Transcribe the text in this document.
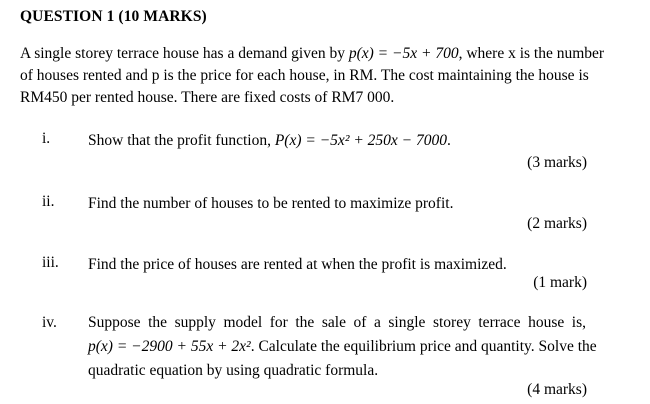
QUESTION 1 (10 MARKS)
A single storey terrace house has a demand given by p(x) = −5x + 700, where x is the number
of houses rented and p is the price for each house, in RM. The cost maintaining the house is
RM450 per rented house. There are fixed costs of RM7 000.
i. Show that the profit function, P(x) = −5x² + 250x − 7000.
(3 marks)
ii. Find the number of houses to be rented to maximize profit.
(2 marks)
iii. Find the price of houses are rented at when the profit is maximized.
(1 mark)
iv. Suppose the supply model for the sale of a single storey terrace house is,
p(x) = −2900 + 55x + 2x². Calculate the equilibrium price and quantity. Solve the
quadratic equation by using quadratic formula.
(4 marks)
